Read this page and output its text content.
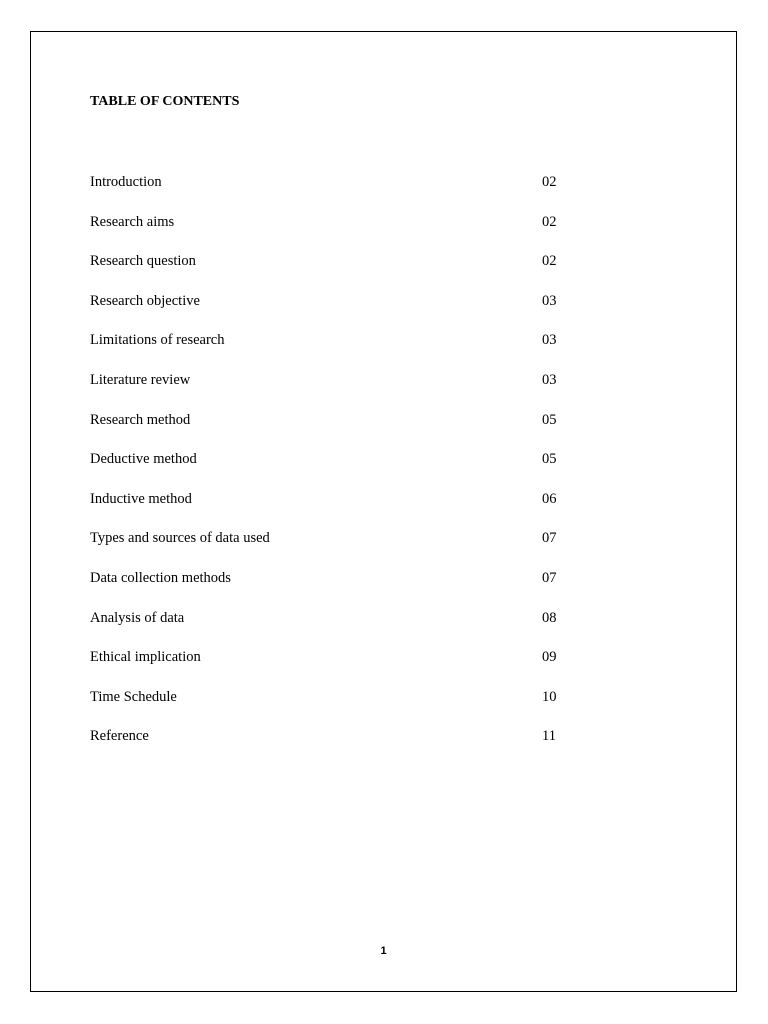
TABLE OF CONTENTS
Introduction	02
Research aims	02
Research question	02
Research objective	03
Limitations of research	03
Literature review	03
Research method	05
Deductive method	05
Inductive method	06
Types and sources of data used	07
Data collection methods	07
Analysis of data	08
Ethical implication	09
Time Schedule	10
Reference	11
1
